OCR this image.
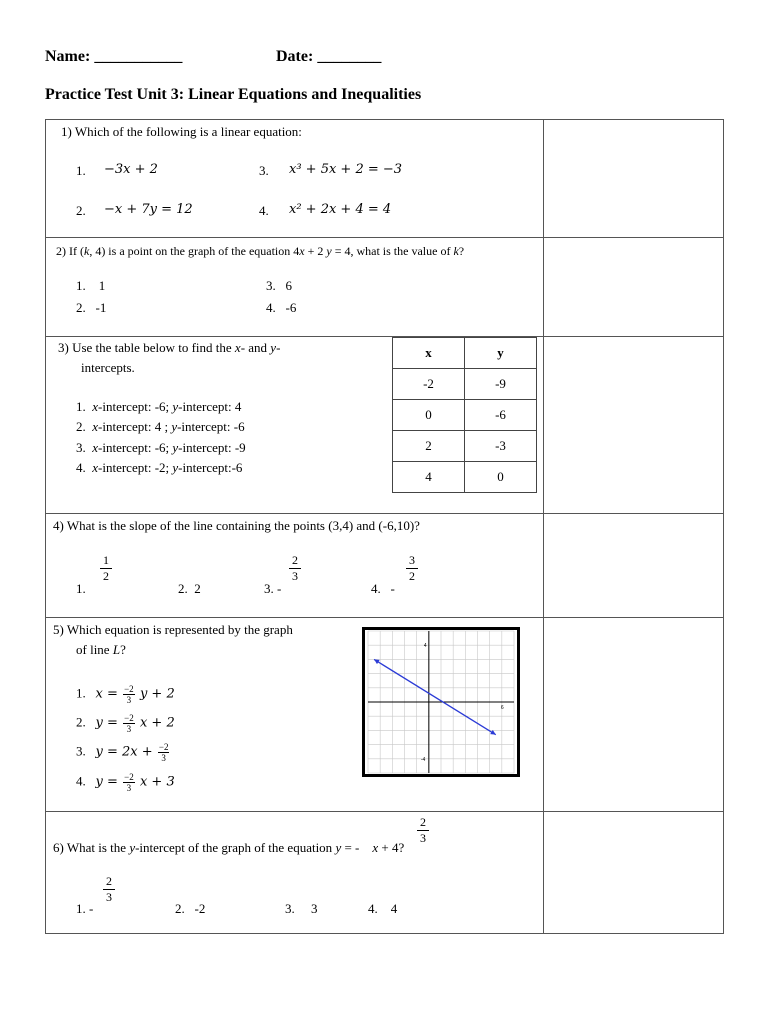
Name: ___________	Date: ________
Practice Test Unit 3: Linear Equations and Inequalities
1) Which of the following is a linear equation:
1. −3x + 2
2. −x + 7y = 12
3. x³ + 5x + 2 = −3
4. x² + 2x + 4 = 4
2) If (k, 4) is a point on the graph of the equation 4x + 2 y = 4, what is the value of k?
1. 1
2. -1
3. 6
4. -6
3) Use the table below to find the x- and y-
intercepts.
1. x-intercept: -6; y-intercept: 4
2. x-intercept: 4 ; y-intercept: -6
3. x-intercept: -6; y-intercept: -9
4. x-intercept: -2; y-intercept:-6
x	y
-2	-9
0	-6
2	-3
4	0
4) What is the slope of the line containing the points (3,4) and (-6,10)?
1.
1
2
2. 2	3. -
2
3
4. -
3
2
5) Which equation is represented by the graph
of line L?
1. $x = \frac{-2}{3}$ y + 2
2. $y = \frac{-2}{3}$ x + 2
3. $y = 2x + \frac{-2}{3}$
4. $y = \frac{-2}{3}$ x + 3
4
-4
6
6) What is the y-intercept of the graph of the equation y = - x + 4?
2
3
1. -
2
3
2. -2	3. 3	4. 4
